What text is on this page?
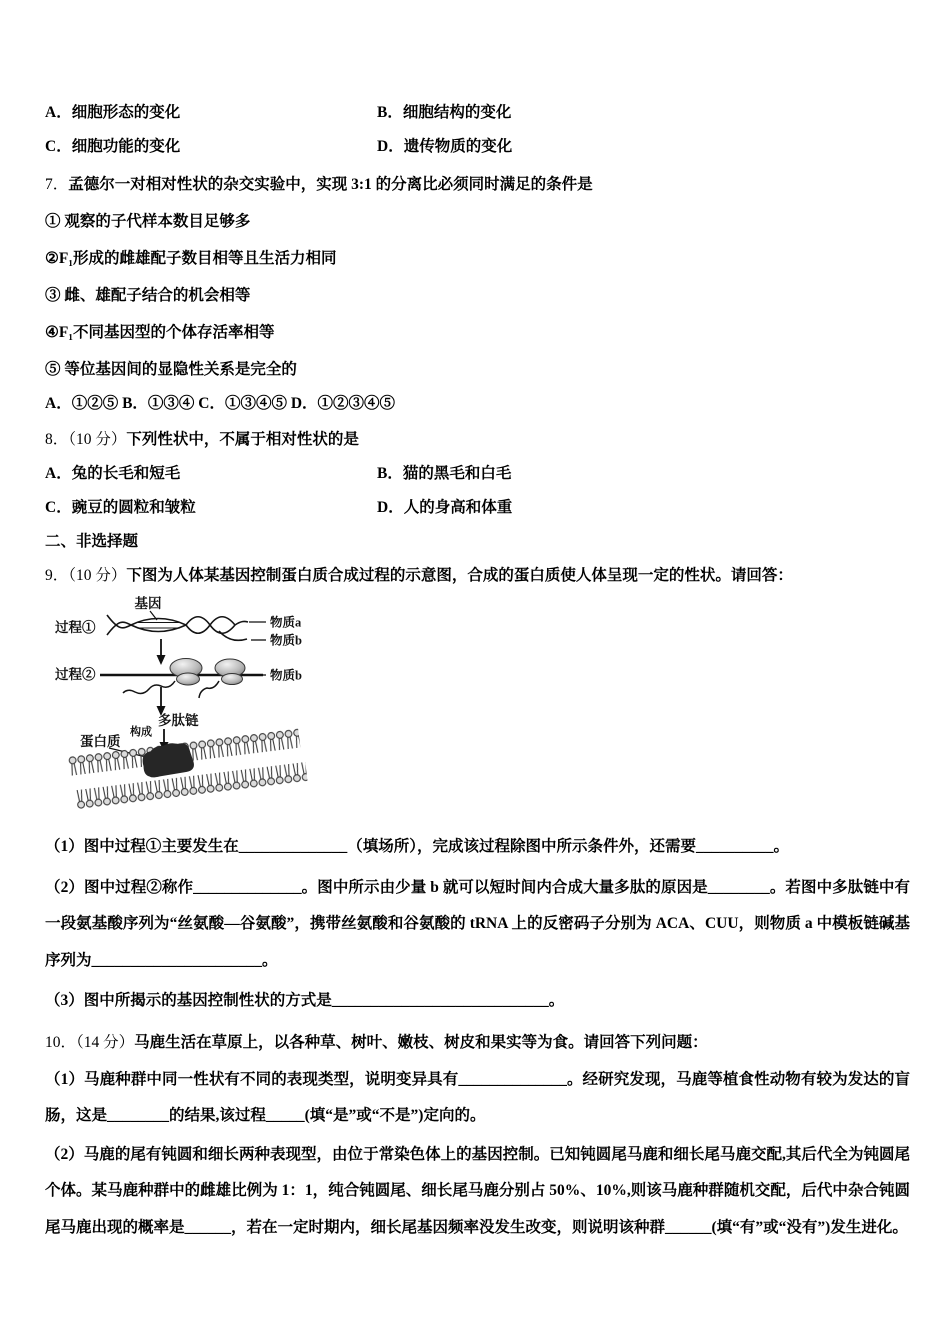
A．细胞形态的变化	B．细胞结构的变化

C．细胞功能的变化	D．遗传物质的变化

7．孟德尔一对相对性状的杂交实验中，实现 3:1 的分离比必须同时满足的条件是

① 观察的子代样本数目足够多

②F₁形成的雌雄配子数目相等且生活力相同

③ 雌、雄配子结合的机会相等

④F₁不同基因型的个体存活率相等

⑤ 等位基因间的显隐性关系是完全的

A．①②⑤ B．①③④ C．①③④⑤ D．①②③④⑤

8．（10 分）下列性状中，不属于相对性状的是

A．兔的长毛和短毛	B．猫的黑毛和白毛

C．豌豆的圆粒和皱粒	D．人的身高和体重

二、非选择题

9．（10 分）下图为人体某基因控制蛋白质合成过程的示意图，合成的蛋白质使人体呈现一定的性状。请回答：

基因
过程①	物质a
物质b
过程②	物质b
多肽链
构成
蛋白质

（1）图中过程①主要发生在______________（填场所），完成该过程除图中所示条件外，还需要__________。

（2）图中过程②称作______________。图中所示由少量 b 就可以短时间内合成大量多肽的原因是________。若图中多肽链中有一段氨基酸序列为“丝氨酸—谷氨酸”，携带丝氨酸和谷氨酸的 tRNA 上的反密码子分别为 ACA、CUU，则物质 a 中模板链碱基序列为______________________。

（3）图中所揭示的基因控制性状的方式是____________________________。

10．（14 分）马鹿生活在草原上，以各种草、树叶、嫩枝、树皮和果实等为食。请回答下列问题：

（1）马鹿种群中同一性状有不同的表现类型，说明变异具有______________。经研究发现，马鹿等植食性动物有较为发达的盲肠，这是________的结果,该过程_____(填“是”或“不是”)定向的。

（2）马鹿的尾有钝圆和细长两种表现型，由位于常染色体上的基因控制。已知钝圆尾马鹿和细长尾马鹿交配,其后代全为钝圆尾个体。某马鹿种群中的雌雄比例为 1：1，纯合钝圆尾、细长尾马鹿分别占 50%、10%,则该马鹿种群随机交配，后代中杂合钝圆尾马鹿出现的概率是______，若在一定时期内，细长尾基因频率没发生改变，则说明该种群______(填“有”或“没有”)发生进化。
